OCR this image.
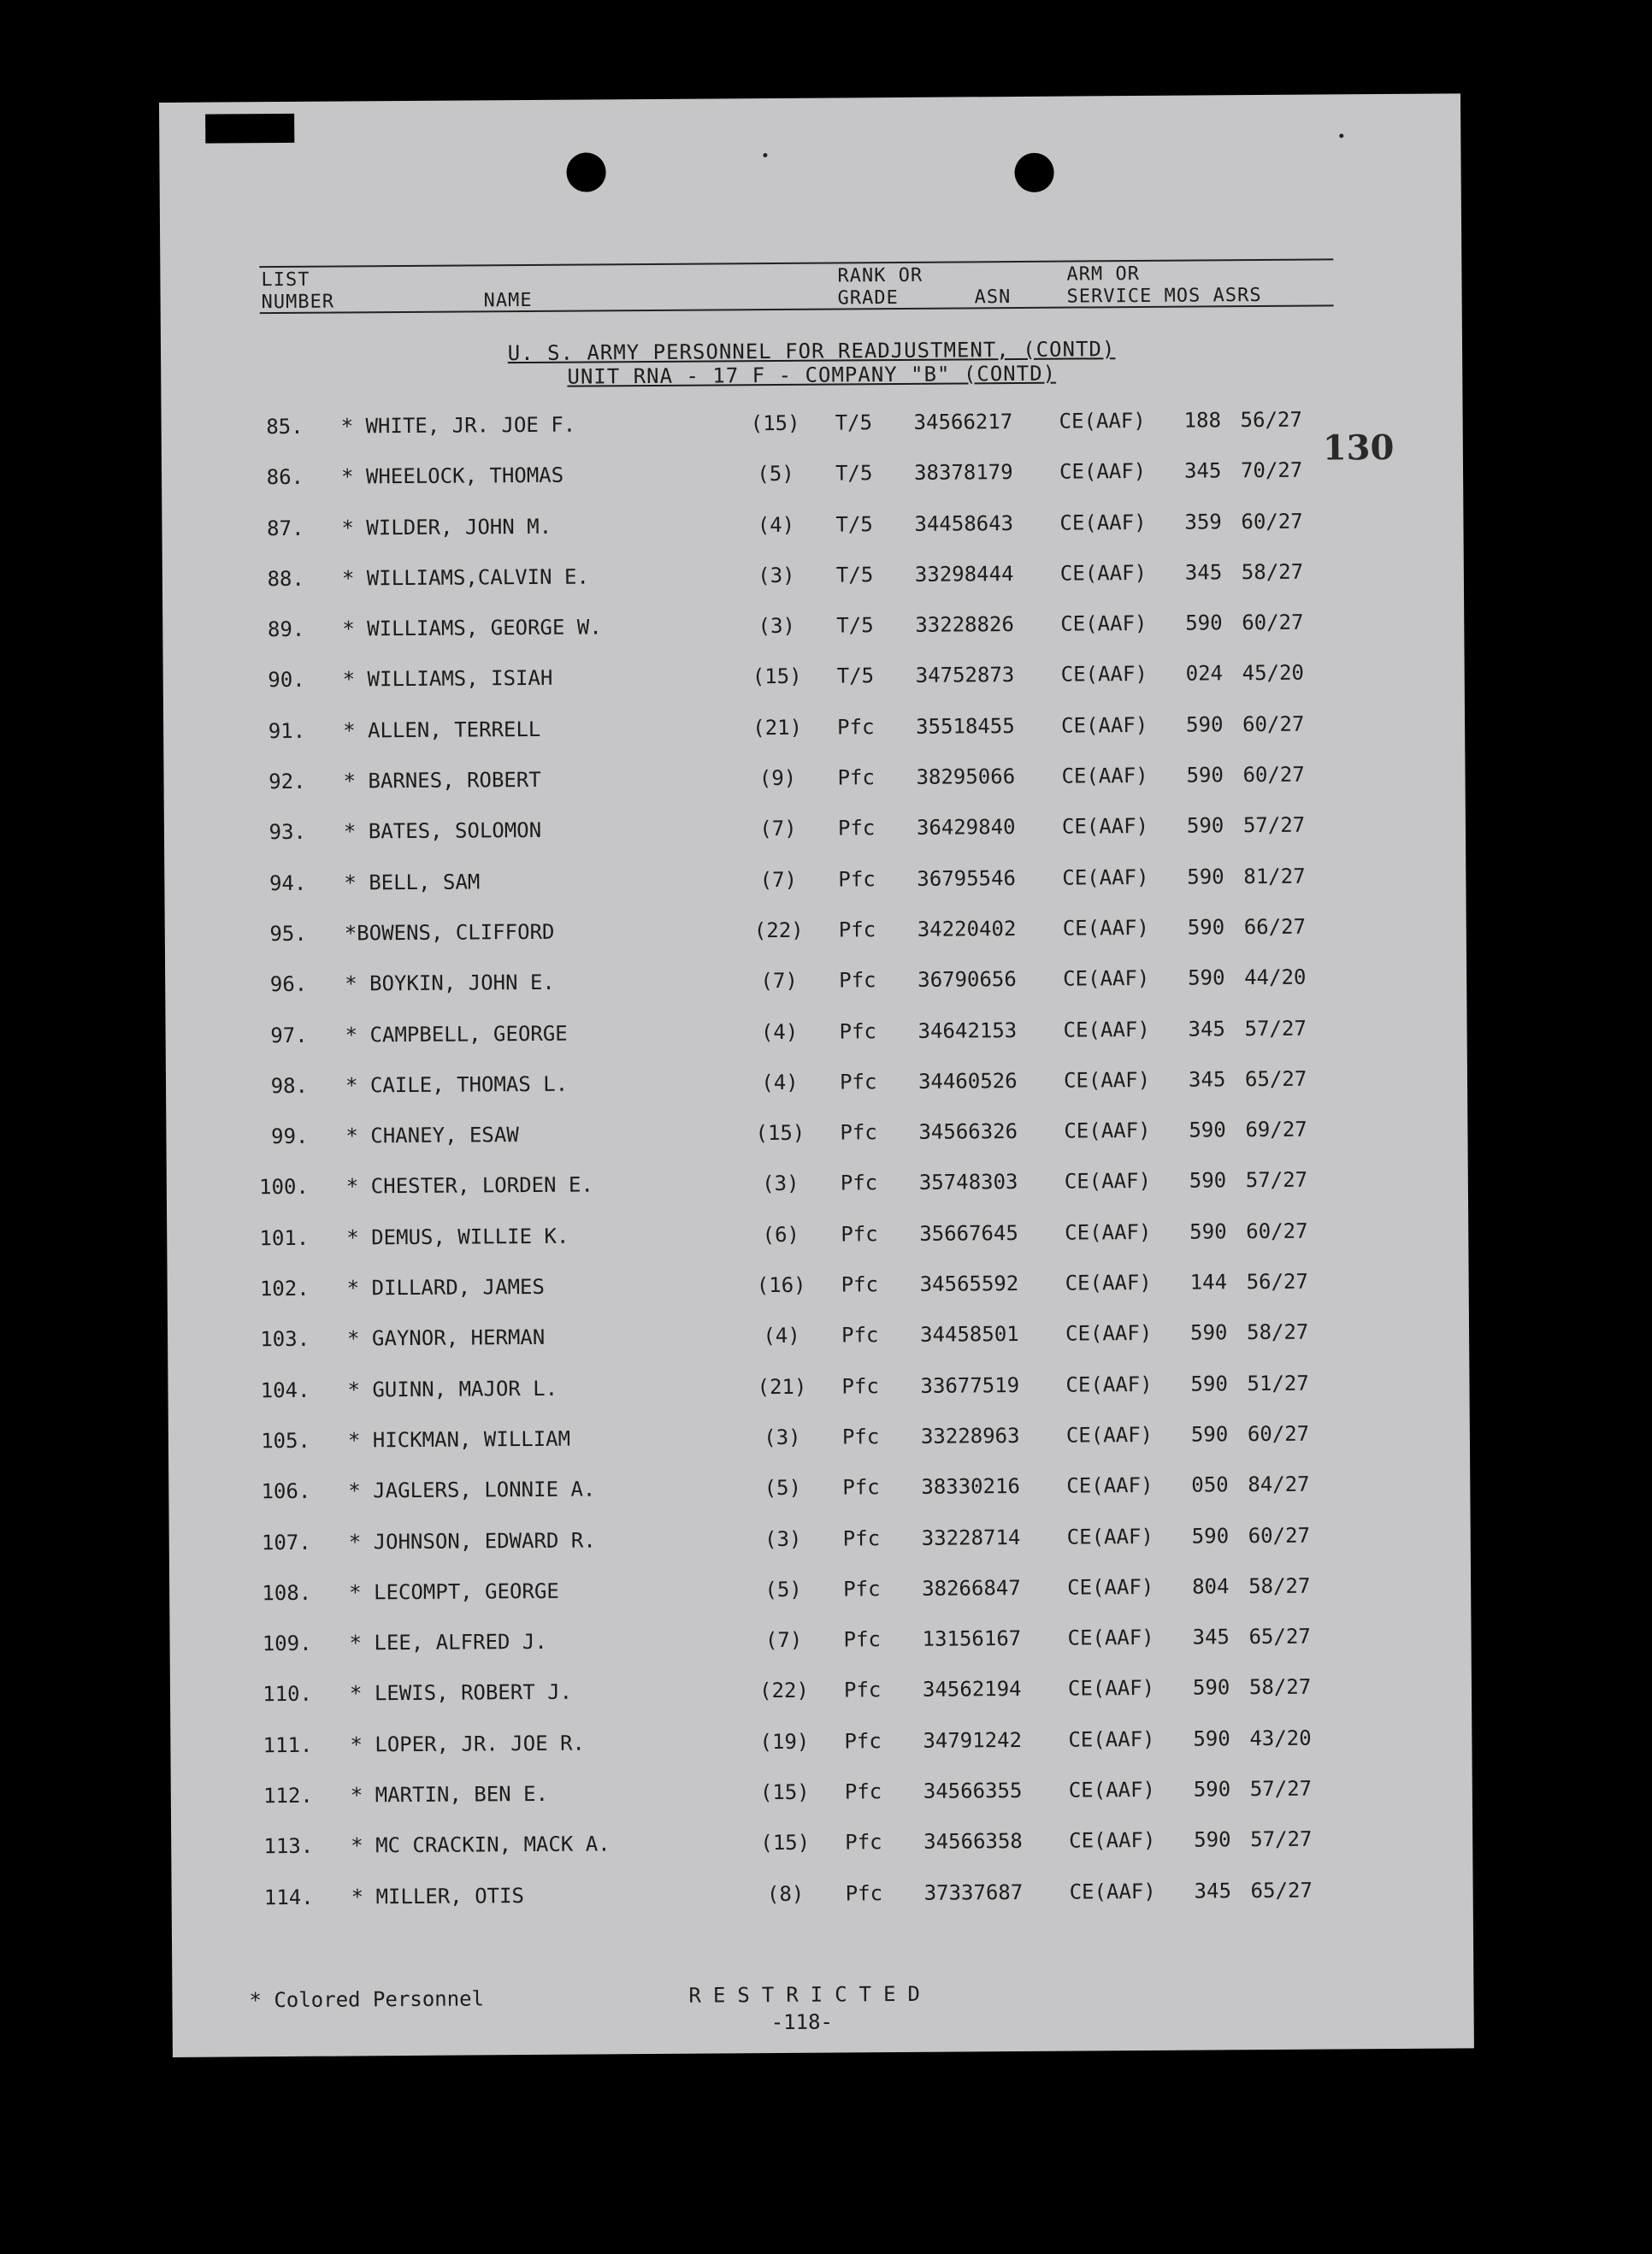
LIST
NUMBER	NAME
RANK OR
GRADE	ASN
ARM OR
SERVICE MOS ASRS
U. S. ARMY PERSONNEL FOR READJUSTMENT, (CONTD)
UNIT RNA - 17 F - COMPANY "B" (CONTD)
130
85. * WHITE, JR. JOE F.	(15)	T/5 34566217 CE(AAF) 188 56/27
86. * WHEELOCK, THOMAS	(5)	T/5 38378179 CE(AAF) 345 70/27
87. * WILDER, JOHN M.	(4)	T/5 34458643 CE(AAF) 359 60/27
88. * WILLIAMS,CALVIN E.	(3)	T/5 33298444 CE(AAF) 345 58/27
89. * WILLIAMS, GEORGE W.	(3)	T/5 33228826 CE(AAF) 590 60/27
90. * WILLIAMS, ISIAH	(15)	T/5 34752873 CE(AAF) 024 45/20
91. * ALLEN, TERRELL	(21)	Pfc 35518455 CE(AAF) 590 60/27
92. * BARNES, ROBERT	(9)	Pfc 38295066 CE(AAF) 590 60/27
93. * BATES, SOLOMON	(7)	Pfc 36429840 CE(AAF) 590 57/27
94. * BELL, SAM	(7)	Pfc 36795546 CE(AAF) 590 81/27
95. *BOWENS, CLIFFORD	(22)	Pfc 34220402 CE(AAF) 590 66/27
96. * BOYKIN, JOHN E.	(7)	Pfc 36790656 CE(AAF) 590 44/20
97. * CAMPBELL, GEORGE	(4)	Pfc 34642153 CE(AAF) 345 57/27
98. * CAILE, THOMAS L.	(4)	Pfc 34460526 CE(AAF) 345 65/27
99. * CHANEY, ESAW	(15)	Pfc 34566326 CE(AAF) 590 69/27
100. * CHESTER, LORDEN E.	(3)	Pfc 35748303 CE(AAF) 590 57/27
101. * DEMUS, WILLIE K.	(6)	Pfc 35667645 CE(AAF) 590 60/27
102. * DILLARD, JAMES	(16)	Pfc 34565592 CE(AAF) 144 56/27
103. * GAYNOR, HERMAN	(4)	Pfc 34458501 CE(AAF) 590 58/27
104. * GUINN, MAJOR L.	(21)	Pfc 33677519 CE(AAF) 590 51/27
105. * HICKMAN, WILLIAM	(3)	Pfc 33228963 CE(AAF) 590 60/27
106. * JAGLERS, LONNIE A.	(5)	Pfc 38330216 CE(AAF) 050 84/27
107. * JOHNSON, EDWARD R.	(3)	Pfc 33228714 CE(AAF) 590 60/27
108. * LECOMPT, GEORGE	(5)	Pfc 38266847 CE(AAF) 804 58/27
109. * LEE, ALFRED J.	(7)	Pfc 13156167 CE(AAF) 345 65/27
110. * LEWIS, ROBERT J.	(22)	Pfc 34562194 CE(AAF) 590 58/27
111. * LOPER, JR. JOE R.	(19)	Pfc 34791242 CE(AAF) 590 43/20
112. * MARTIN, BEN E.	(15)	Pfc 34566355 CE(AAF) 590 57/27
113. * MC CRACKIN, MACK A.	(15)	Pfc 34566358 CE(AAF) 590 57/27
114. * MILLER, OTIS	(8)	Pfc 37337687 CE(AAF) 345 65/27
* Colored Personnel	RESTRICTED
-118-
